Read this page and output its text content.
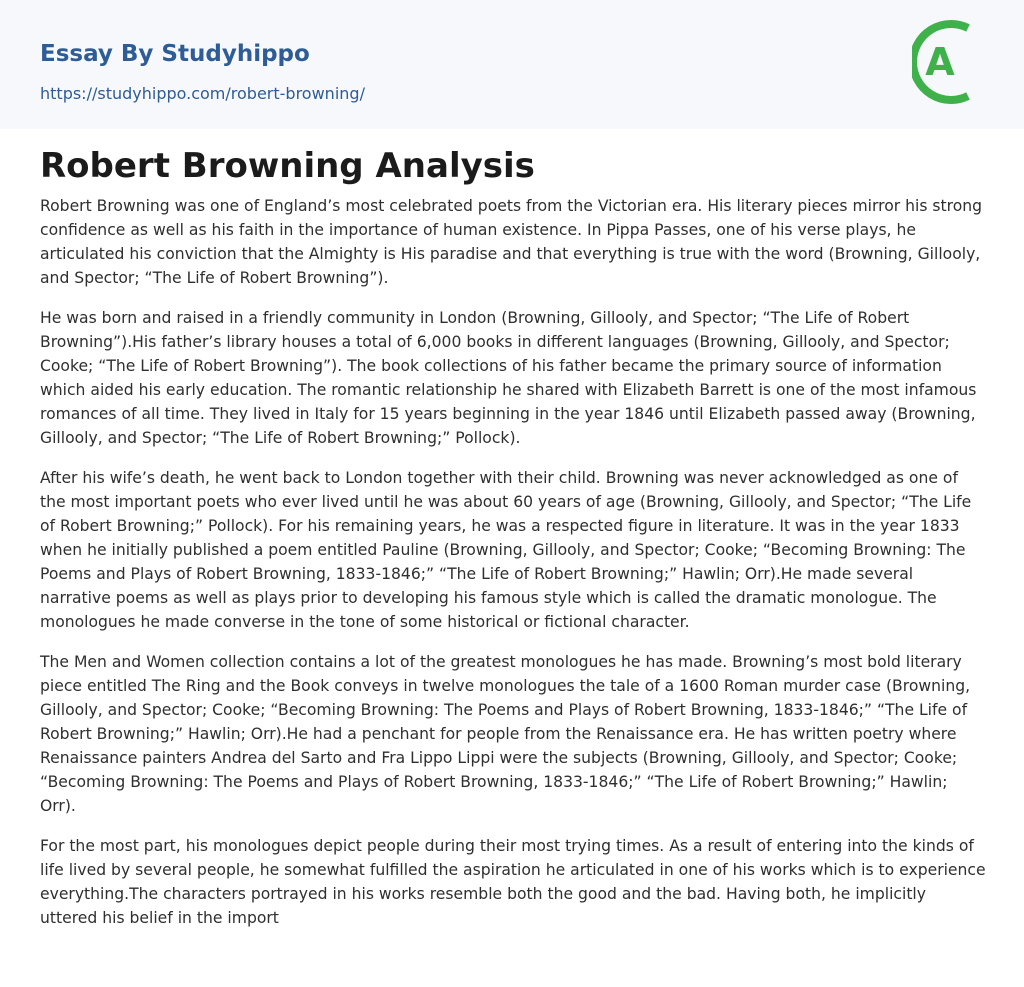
Essay By Studyhippo
https://studyhippo.com/robert-browning/
A
Robert Browning Analysis

Robert Browning was one of England’s most celebrated poets from the Victorian era. His literary pieces mirror his strong confidence as well as his faith in the importance of human existence. In Pippa Passes, one of his verse plays, he articulated his conviction that the Almighty is His paradise and that everything is true with the word (Browning, Gillooly, and Spector; “The Life of Robert Browning”).

He was born and raised in a friendly community in London (Browning, Gillooly, and Spector; “The Life of Robert Browning”).His father’s library houses a total of 6,000 books in different languages (Browning, Gillooly, and Spector; Cooke; “The Life of Robert Browning”). The book collections of his father became the primary source of information which aided his early education. The romantic relationship he shared with Elizabeth Barrett is one of the most infamous romances of all time. They lived in Italy for 15 years beginning in the year 1846 until Elizabeth passed away (Browning, Gillooly, and Spector; “The Life of Robert Browning;” Pollock).

After his wife’s death, he went back to London together with their child. Browning was never acknowledged as one of the most important poets who ever lived until he was about 60 years of age (Browning, Gillooly, and Spector; “The Life of Robert Browning;” Pollock). For his remaining years, he was a respected figure in literature. It was in the year 1833 when he initially published a poem entitled Pauline (Browning, Gillooly, and Spector; Cooke; “Becoming Browning: The Poems and Plays of Robert Browning, 1833-1846;” “The Life of Robert Browning;” Hawlin; Orr).He made several narrative poems as well as plays prior to developing his famous style which is called the dramatic monologue. The monologues he made converse in the tone of some historical or fictional character.

The Men and Women collection contains a lot of the greatest monologues he has made. Browning’s most bold literary piece entitled The Ring and the Book conveys in twelve monologues the tale of a 1600 Roman murder case (Browning, Gillooly, and Spector; Cooke; “Becoming Browning: The Poems and Plays of Robert Browning, 1833-1846;” “The Life of Robert Browning;” Hawlin; Orr).He had a penchant for people from the Renaissance era. He has written poetry where Renaissance painters Andrea del Sarto and Fra Lippo Lippi were the subjects (Browning, Gillooly, and Spector; Cooke; “Becoming Browning: The Poems and Plays of Robert Browning, 1833-1846;” “The Life of Robert Browning;” Hawlin; Orr).

For the most part, his monologues depict people during their most trying times. As a result of entering into the kinds of life lived by several people, he somewhat fulfilled the aspiration he articulated in one of his works which is to experience everything.The characters portrayed in his works resemble both the good and the bad. Having both, he implicitly uttered his belief in the import
